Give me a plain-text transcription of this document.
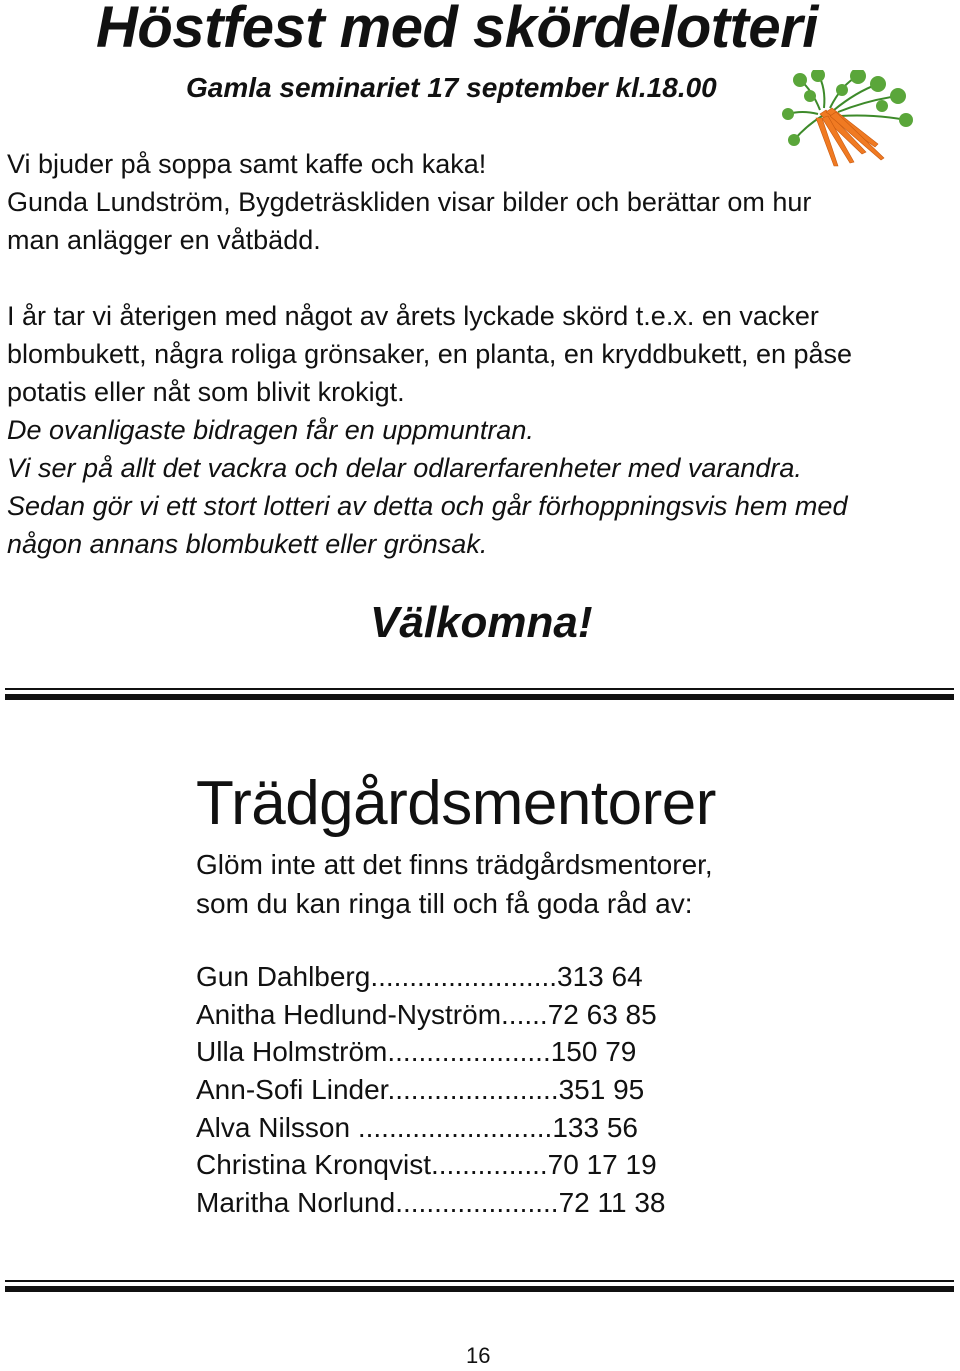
Höstfest med skördelotteri
Gamla seminariet 17 september kl.18.00
Vi bjuder på soppa samt kaffe och kaka!
Gunda Lundström, Bygdeträskliden visar bilder och berättar om hur
man anlägger en våtbädd.
I år tar vi återigen med något av årets lyckade skörd t.e.x. en vacker
blombukett, några roliga grönsaker, en planta, en kryddbukett, en påse
potatis eller nåt som blivit krokigt.
De ovanligaste bidragen får en uppmuntran.
Vi ser på allt det vackra och delar odlarerfarenheter med varandra.
Sedan gör vi ett stort lotteri av detta och går förhoppningsvis hem med
någon annans blombukett eller grönsak.
Välkomna!
Trädgårdsmentorer
Glöm inte att det finns trädgårdsmentorer,
som du kan ringa till och få goda råd av:
Gun Dahlberg........................313 64
Anitha Hedlund-Nyström......72 63 85
Ulla Holmström.....................150 79
Ann-Sofi Linder......................351 95
Alva Nilsson .........................133 56
Christina Kronqvist...............70 17 19
Maritha Norlund.....................72 11 38
16
